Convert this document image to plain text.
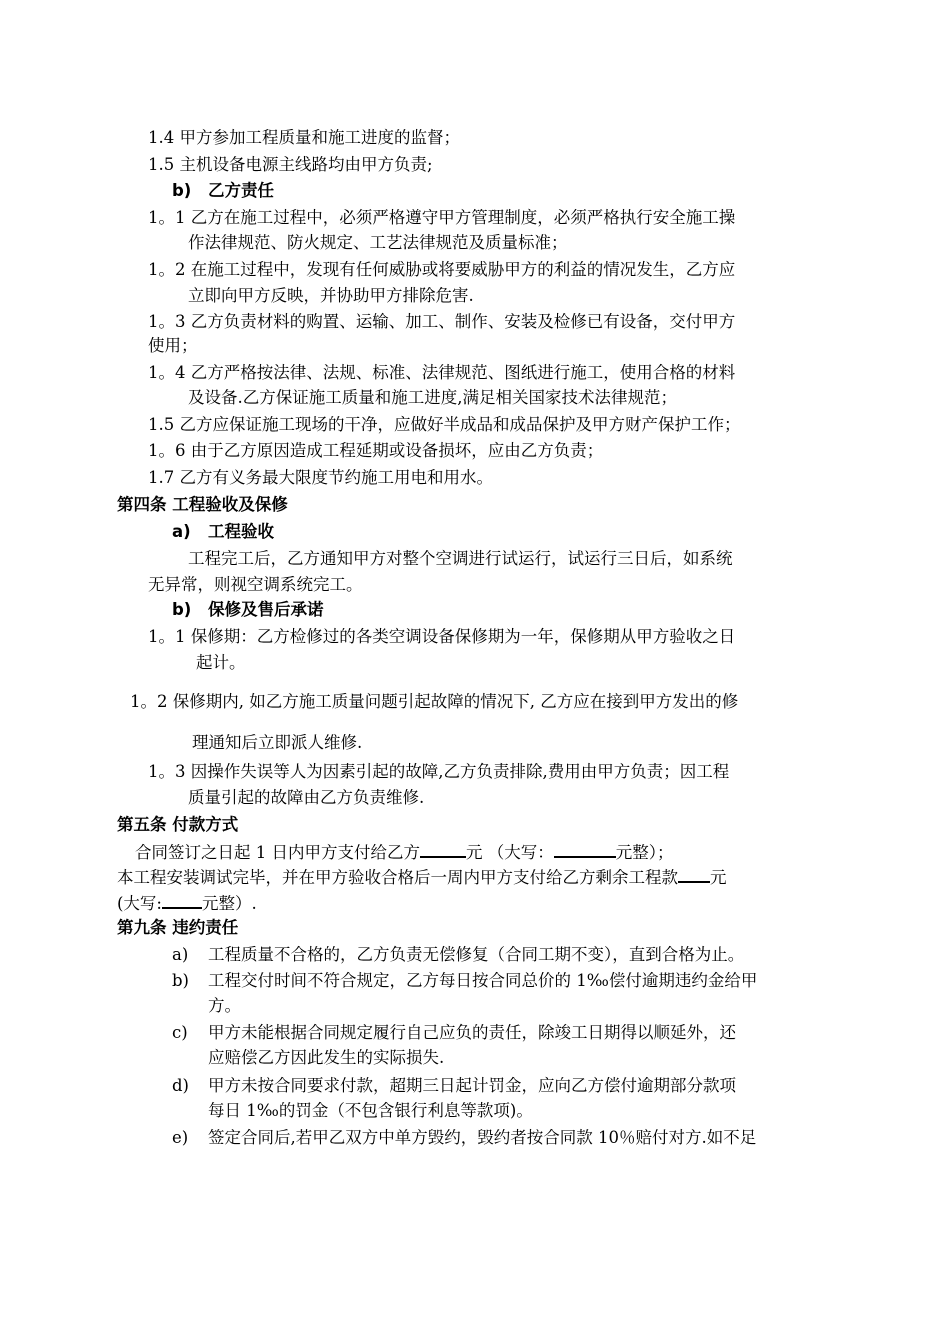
1.4 甲方参加工程质量和施工进度的监督；
1.5 主机设备电源主线路均由甲方负责;
b) 乙方责任
1。1 乙方在施工过程中，必须严格遵守甲方管理制度，必须严格执行安全施工操
作法律规范、防火规定、工艺法律规范及质量标准；
1。2 在施工过程中，发现有任何威胁或将要威胁甲方的利益的情况发生，乙方应
立即向甲方反映，并协助甲方排除危害.
1。3 乙方负责材料的购置、运输、加工、制作、安装及检修已有设备，交付甲方
使用；
1。4 乙方严格按法律、法规、标准、法律规范、图纸进行施工，使用合格的材料
及设备.乙方保证施工质量和施工进度,满足相关国家技术法律规范；
1.5 乙方应保证施工现场的干净，应做好半成品和成品保护及甲方财产保护工作；
1。6 由于乙方原因造成工程延期或设备损坏，应由乙方负责；
1.7 乙方有义务最大限度节约施工用电和用水。
第四条 工程验收及保修
a) 工程验收
工程完工后，乙方通知甲方对整个空调进行试运行，试运行三日后，如系统
无异常，则视空调系统完工。
b) 保修及售后承诺
1。1 保修期：乙方检修过的各类空调设备保修期为一年，保修期从甲方验收之日
起计。
1。2 保修期内, 如乙方施工质量问题引起故障的情况下, 乙方应在接到甲方发出的修
理通知后立即派人维修.
1。3 因操作失误等人为因素引起的故障,乙方负责排除,费用由甲方负责；因工程
质量引起的故障由乙方负责维修.
第五条 付款方式
合同签订之日起 1 日内甲方支付给乙方	元 （大写：	元整）；
本工程安装调试完毕，并在甲方验收合格后一周内甲方支付给乙方剩余工程款 元
(大写: 元整）.
第九条 违约责任
a) 工程质量不合格的，乙方负责无偿修复（合同工期不变），直到合格为止。
b) 工程交付时间不符合规定，乙方每日按合同总价的 1‰偿付逾期违约金给甲
方。
c) 甲方未能根据合同规定履行自己应负的责任，除竣工日期得以顺延外，还
应赔偿乙方因此发生的实际损失.
d) 甲方未按合同要求付款，超期三日起计罚金，应向乙方偿付逾期部分款项
每日 1‰的罚金（不包含银行利息等款项)。
e) 签定合同后,若甲乙双方中单方毁约，毁约者按合同款 10％赔付对方.如不足
